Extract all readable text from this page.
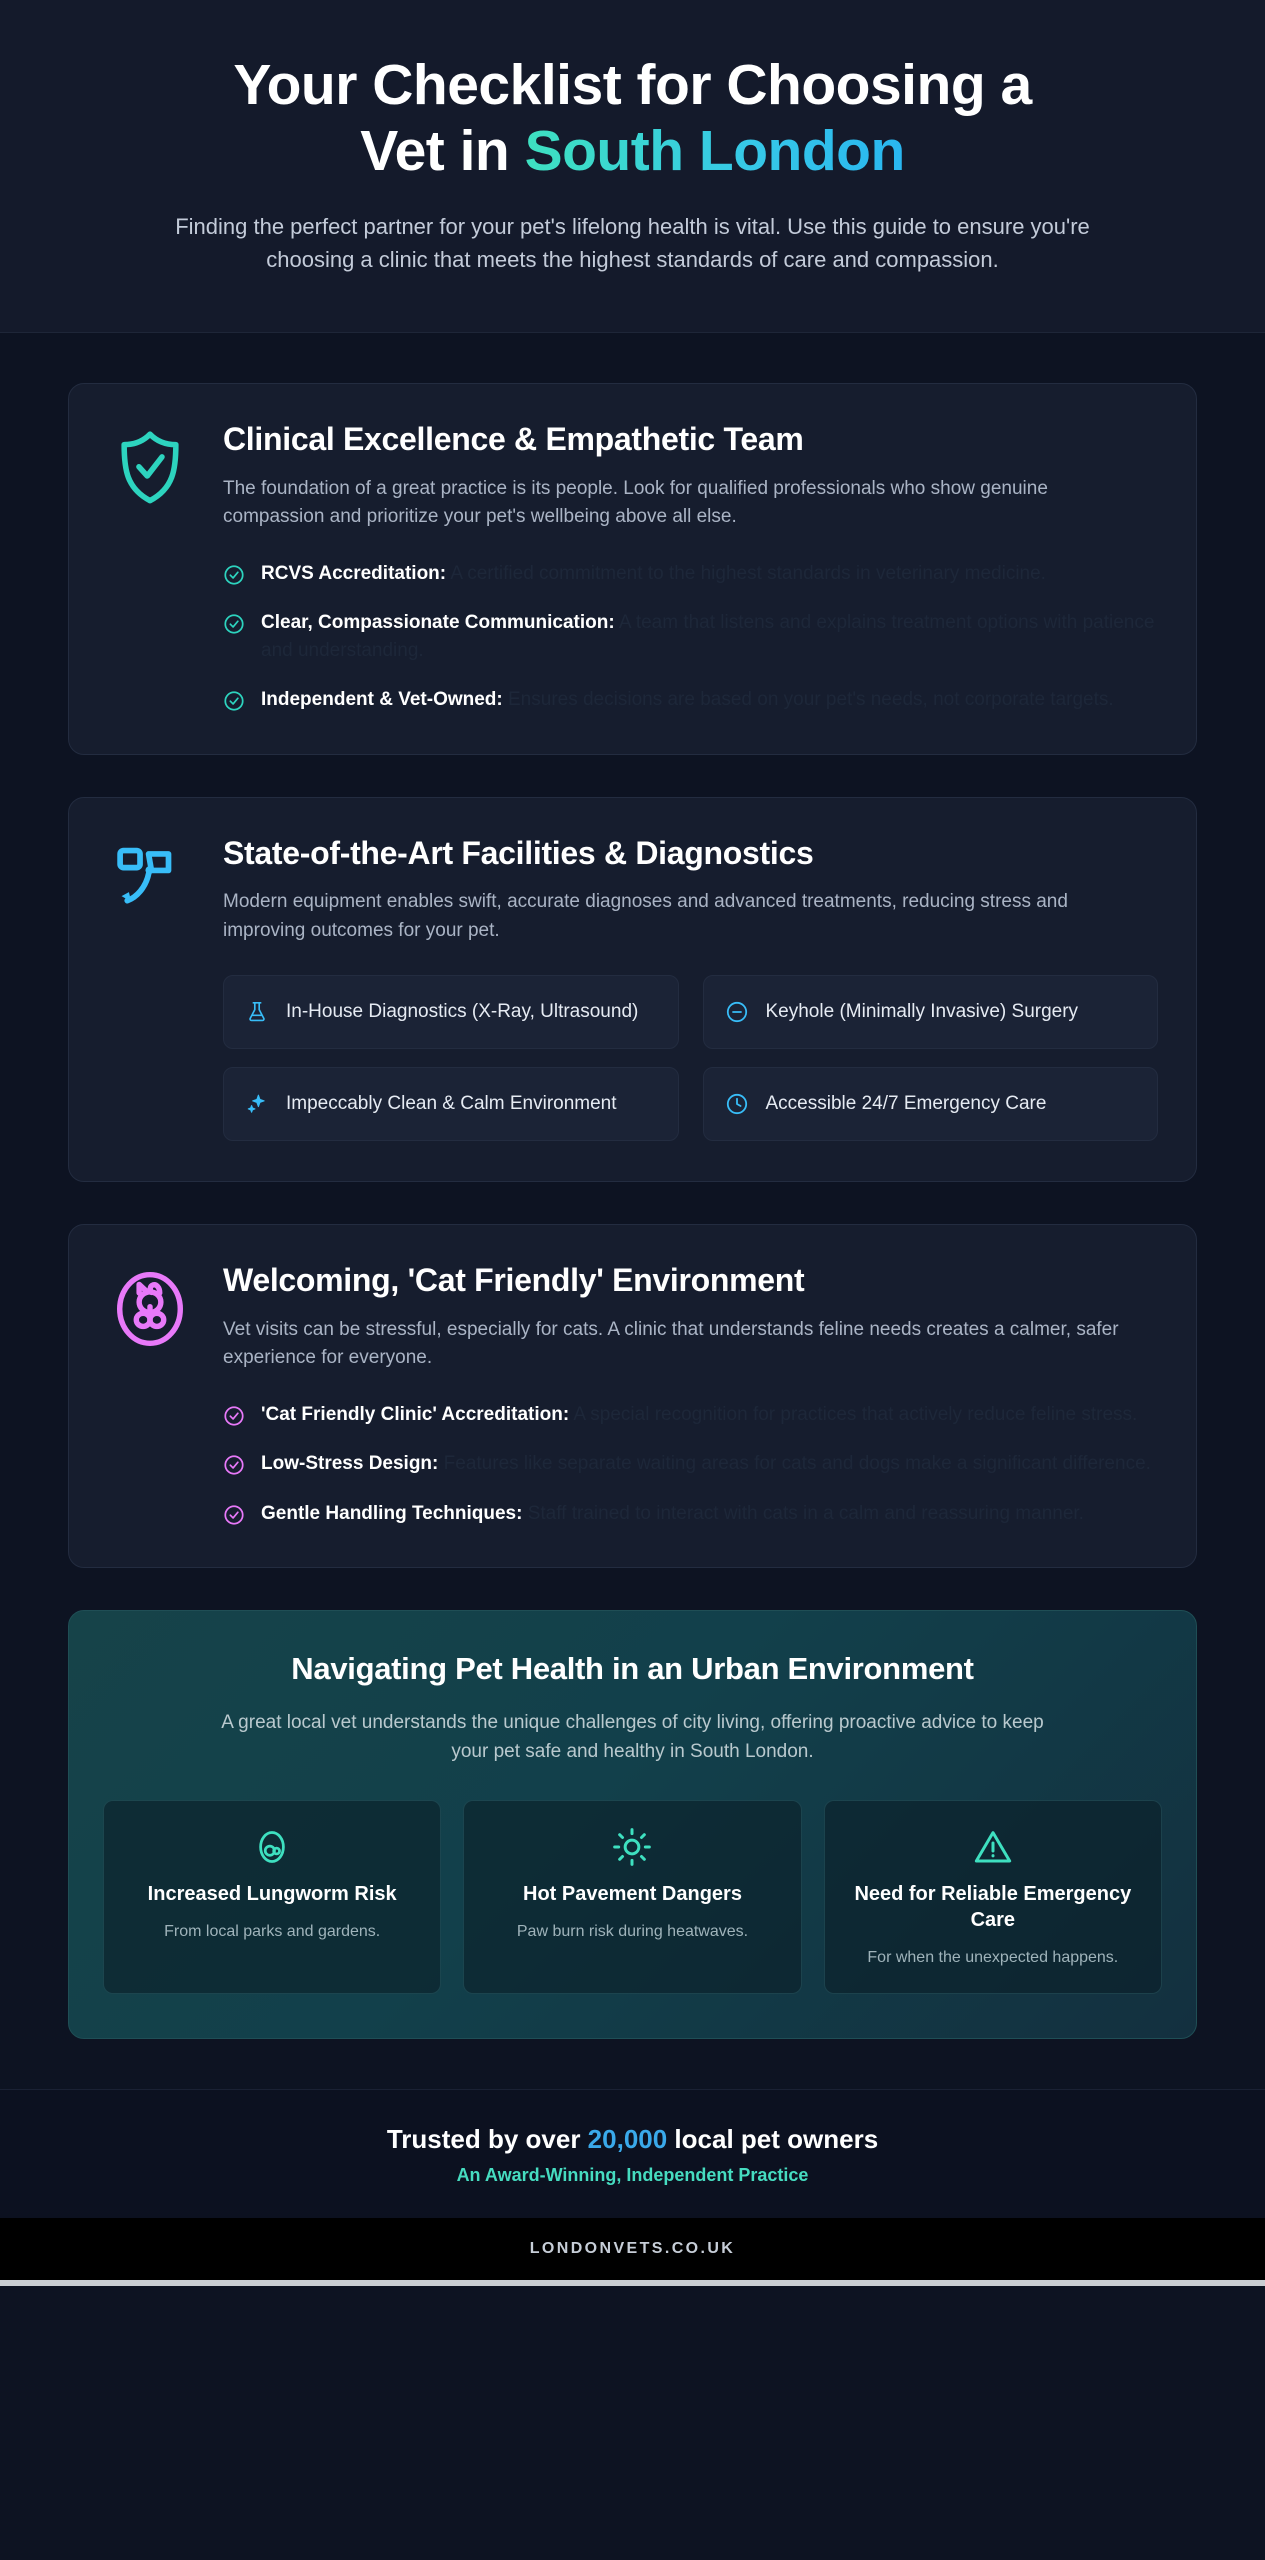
Your Checklist for Choosing a
Vet in South London

Finding the perfect partner for your pet's lifelong health is vital. Use this guide to ensure you're choosing a clinic that meets the highest standards of care and compassion.

Clinical Excellence & Empathetic Team

The foundation of a great practice is its people. Look for qualified professionals who show genuine compassion and prioritize your pet's wellbeing above all else.

RCVS Accreditation: A certified commitment to the highest standards in veterinary medicine.
Clear, Compassionate Communication: A team that listens and explains treatment options with patience and understanding.
Independent & Vet-Owned: Ensures decisions are based on your pet's needs, not corporate targets.
State-of-the-Art Facilities & Diagnostics

Modern equipment enables swift, accurate diagnoses and advanced treatments, reducing stress and improving outcomes for your pet.

In-House Diagnostics (X-Ray, Ultrasound)	Keyhole (Minimally Invasive) Surgery
Impeccably Clean & Calm Environment	Accessible 24/7 Emergency Care
Welcoming, 'Cat Friendly' Environment

Vet visits can be stressful, especially for cats. A clinic that understands feline needs creates a calmer, safer experience for everyone.

'Cat Friendly Clinic' Accreditation: A special recognition for practices that actively reduce feline stress.
Low-Stress Design: Features like separate waiting areas for cats and dogs make a significant difference.
Gentle Handling Techniques: Staff trained to interact with cats in a calm and reassuring manner.
Navigating Pet Health in an Urban Environment

A great local vet understands the unique challenges of city living, offering proactive advice to keep your pet safe and healthy in South London.

Increased Lungworm Risk
From local parks and gardens.
Hot Pavement Dangers
Paw burn risk during heatwaves.
Need for Reliable Emergency Care
For when the unexpected happens.
Trusted by over 20,000 local pet owners
An Award-Winning, Independent Practice
LONDONVETS.CO.UK
